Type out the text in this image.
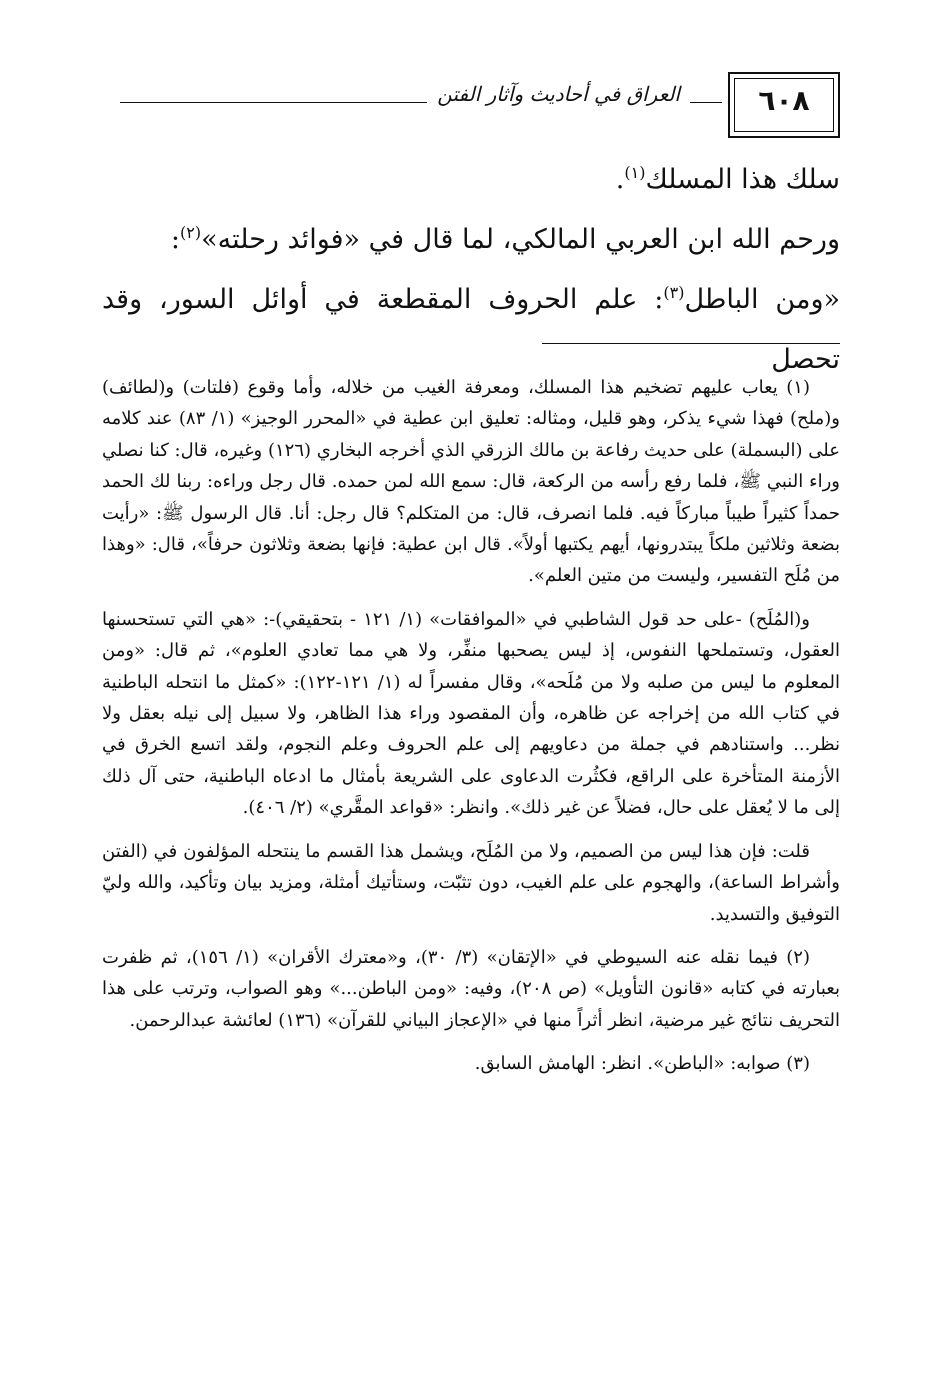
العراق في أحاديث وآثار الفتن	٦٠٨

سلك هذا المسلك$^{(١)}$.

ورحم الله ابن العربي المالكي، لما قال في «فوائد رحلته»$^{(٢)}$:

«ومن الباطل$^{(٣)}$: علم الحروف المقطعة في أوائل السور، وقد تحصل

(١) يعاب عليهم تضخيم هذا المسلك، ومعرفة الغيب من خلاله، وأما وقوع (فلتات) و(لطائف) و(ملح) فهذا شيء يذكر، وهو قليل، ومثاله: تعليق ابن عطية في «المحرر الوجيز» (١/ ٨٣) عند كلامه على (البسملة) على حديث رفاعة بن مالك الزرقي الذي أخرجه البخاري (١٢٦) وغيره، قال: كنا نصلي وراء النبي ﷺ، فلما رفع رأسه من الركعة، قال: سمع الله لمن حمده. قال رجل وراءه: ربنا لك الحمد حمداً كثيراً طيباً مباركاً فيه. فلما انصرف، قال: من المتكلم؟ قال رجل: أنا. قال الرسول ﷺ: «رأيت بضعة وثلاثين ملكاً يبتدرونها، أيهم يكتبها أولاً». قال ابن عطية: فإنها بضعة وثلاثون حرفاً»، قال: «وهذا من مُلَح التفسير، وليست من متين العلم».

و(المُلَح) -على حد قول الشاطبي في «الموافقات» (١/ ١٢١ - بتحقيقي)-: «هي التي تستحسنها العقول، وتستملحها النفوس، إذ ليس يصحبها منفِّر، ولا هي مما تعادي العلوم»، ثم قال: «ومن المعلوم ما ليس من صلبه ولا من مُلَحه»، وقال مفسراً له (١/ ١٢١-١٢٢): «كمثل ما انتحله الباطنية في كتاب الله من إخراجه عن ظاهره، وأن المقصود وراء هذا الظاهر، ولا سبيل إلى نيله بعقل ولا نظر... واستنادهم في جملة من دعاويهم إلى علم الحروف وعلم النجوم، ولقد اتسع الخرق في الأزمنة المتأخرة على الراقع، فكثُرت الدعاوى على الشريعة بأمثال ما ادعاه الباطنية، حتى آل ذلك إلى ما لا يُعقل على حال، فضلاً عن غير ذلك». وانظر: «قواعد المقَّري» (٢/ ٤٠٦).

قلت: فإن هذا ليس من الصميم، ولا من المُلَح، ويشمل هذا القسم ما ينتحله المؤلفون في (الفتن وأشراط الساعة)، والهجوم على علم الغيب، دون تثبّت، وستأتيك أمثلة، ومزيد بيان وتأكيد، والله وليّ التوفيق والتسديد.

(٢) فيما نقله عنه السيوطي في «الإتقان» (٣/ ٣٠)، و«معترك الأقران» (١/ ١٥٦)، ثم ظفرت بعبارته في كتابه «قانون التأويل» (ص ٢٠٨)، وفيه: «ومن الباطن...» وهو الصواب، وترتب على هذا التحريف نتائج غير مرضية، انظر أثراً منها في «الإعجاز البياني للقرآن» (١٣٦) لعائشة عبدالرحمن.

(٣) صوابه: «الباطن». انظر: الهامش السابق.
